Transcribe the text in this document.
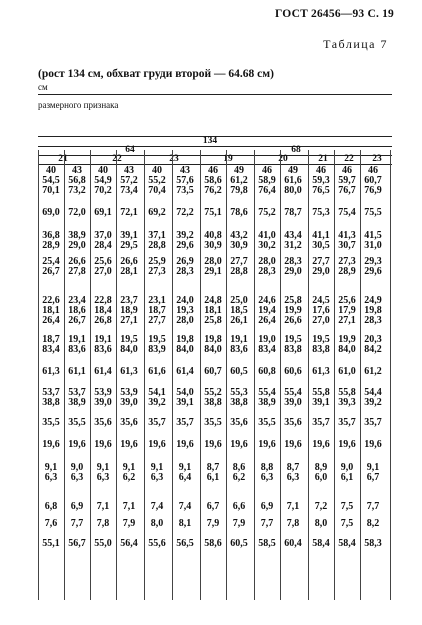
ГОСТ 26456—93 С. 19
Таблица 7
(рост 134 см, обхват груди второй — 64.68 см)
см
размерного признака
134
64	68
21	22	23	19	20	21	22	23
40	43	40	43	40	43	46	49	46	49	46	46	46
54,5 56,8 54,9 57,2 55,2 57,6 58,6 61,2 58,9 61,6 59,3 59,7 60,7
70,1 73,2 70,2 73,4 70,4 73,5 76,2 79,8 76,4 80,0 76,5 76,7 76,9
69,0 72,0 69,1 72,1 69,2 72,2 75,1 78,6 75,2 78,7 75,3 75,4 75,5
36,8 38,9 37,0 39,1 37,1 39,2 40,8 43,2 41,0 43,4 41,1 41,3 41,5
28,9 29,0 28,4 29,5 28,8 29,6 30,9 30,9 30,2 31,2 30,5 30,7 31,0
25,4 26,6 25,6 26,6 25,9 26,9 28,0 27,7 28,0 28,3 27,7 27,3 29,3
26,7 27,8 27,0 28,1 27,3 28,3 29,1 28,8 28,3 29,0 29,0 28,9 29,6
22,6 23,4 22,8 23,7 23,1 24,0 24,8 25,0 24,6 25,8 24,5 25,6 24,9
18,1 18,6 18,4 18,9 18,7 19,3 18,1 18,5 19,4 19,9 17,6 17,9 19,8
26,4 26,7 26,8 27,1 27,7 28,0 25,8 26,1 26,4 26,6 27,0 27,1 28,3
18,7 19,1 19,1 19,5 19,5 19,8 19,8 19,1 19,0 19,5 19,5 19,9 20,3
83,4 83,6 83,6 84,0 83,9 84,0 84,0 83,6 83,4 83,8 83,8 84,0 84,2
61,3 61,1 61,4 61,3 61,6 61,4 60,7 60,5 60,8 60,6 61,3 61,0 61,2
53,7 53,7 53,9 53,9 54,1 54,0 55,2 55,3 55,4 55,4 55,8 55,8 54,4
38,8 38,9 39,0 39,0 39,2 39,1 38,8 38,8 38,9 39,0 39,1 39,3 39,2
35,5 35,5 35,6 35,6 35,7 35,7 35,5 35,6 35,5 35,6 35,7 35,7 35,7
19,6 19,6 19,6 19,6 19,6 19,6 19,6 19,6 19,6 19,6 19,6 19,6 19,6
9,1	9,0	9,1	9,1	9,1	9,1	8,7	8,6	8,8	8,7	8,9	9,0	9,1
6,3	6,3	6,3	6,2	6,3	6,4	6,1	6,2	6,3	6,3	6,0	6,1	6,7
6,8	6,9	7,1	7,1	7,4	7,4	6,7	6,6	6,9	7,1	7,2	7,5	7,7
7,6	7,7	7,8	7,9	8,0	8,1	7,9	7,9	7,7	7,8	8,0	7,5	8,2
55,1 56,7 55,0 56,4 55,6 56,5 58,6 60,5 58,5 60,4 58,4 58,4 58,3
